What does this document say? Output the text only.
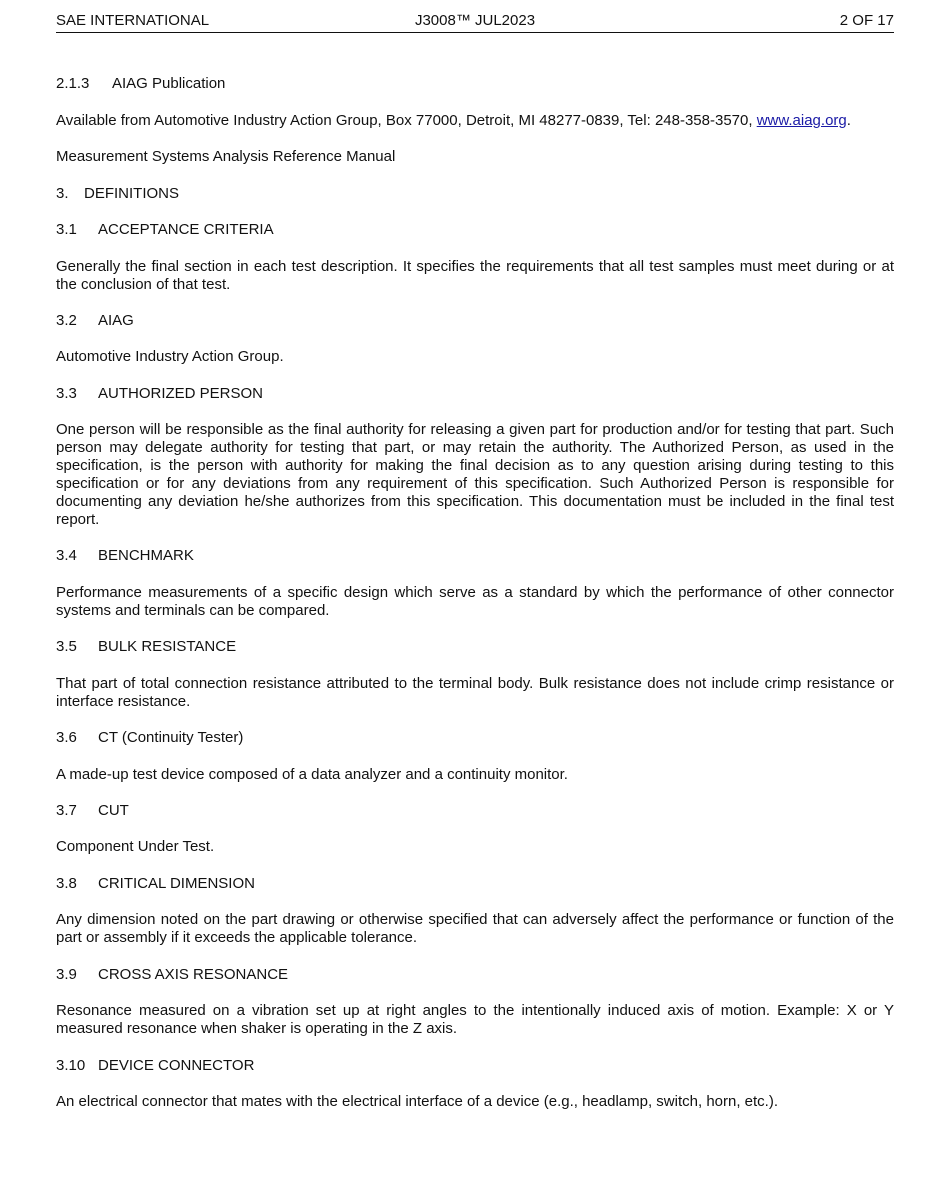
SAE INTERNATIONAL	J3008™ JUL2023	2 OF 17
2.1.3 AIAG Publication
Available from Automotive Industry Action Group, Box 77000, Detroit, MI 48277-0839, Tel: 248-358-3570, www.aiag.org.
Measurement Systems Analysis Reference Manual
3. DEFINITIONS
3.1 ACCEPTANCE CRITERIA
Generally the final section in each test description. It specifies the requirements that all test samples must meet during or at the conclusion of that test.
3.2 AIAG
Automotive Industry Action Group.
3.3 AUTHORIZED PERSON
One person will be responsible as the final authority for releasing a given part for production and/or for testing that part. Such person may delegate authority for testing that part, or may retain the authority. The Authorized Person, as used in the specification, is the person with authority for making the final decision as to any question arising during testing to this specification or for any deviations from any requirement of this specification. Such Authorized Person is responsible for documenting any deviation he/she authorizes from this specification. This documentation must be included in the final test report.
3.4 BENCHMARK
Performance measurements of a specific design which serve as a standard by which the performance of other connector systems and terminals can be compared.
3.5 BULK RESISTANCE
That part of total connection resistance attributed to the terminal body. Bulk resistance does not include crimp resistance or interface resistance.
3.6 CT (Continuity Tester)
A made-up test device composed of a data analyzer and a continuity monitor.
3.7 CUT
Component Under Test.
3.8 CRITICAL DIMENSION
Any dimension noted on the part drawing or otherwise specified that can adversely affect the performance or function of the part or assembly if it exceeds the applicable tolerance.
3.9 CROSS AXIS RESONANCE
Resonance measured on a vibration set up at right angles to the intentionally induced axis of motion. Example: X or Y measured resonance when shaker is operating in the Z axis.
3.10 DEVICE CONNECTOR
An electrical connector that mates with the electrical interface of a device (e.g., headlamp, switch, horn, etc.).
